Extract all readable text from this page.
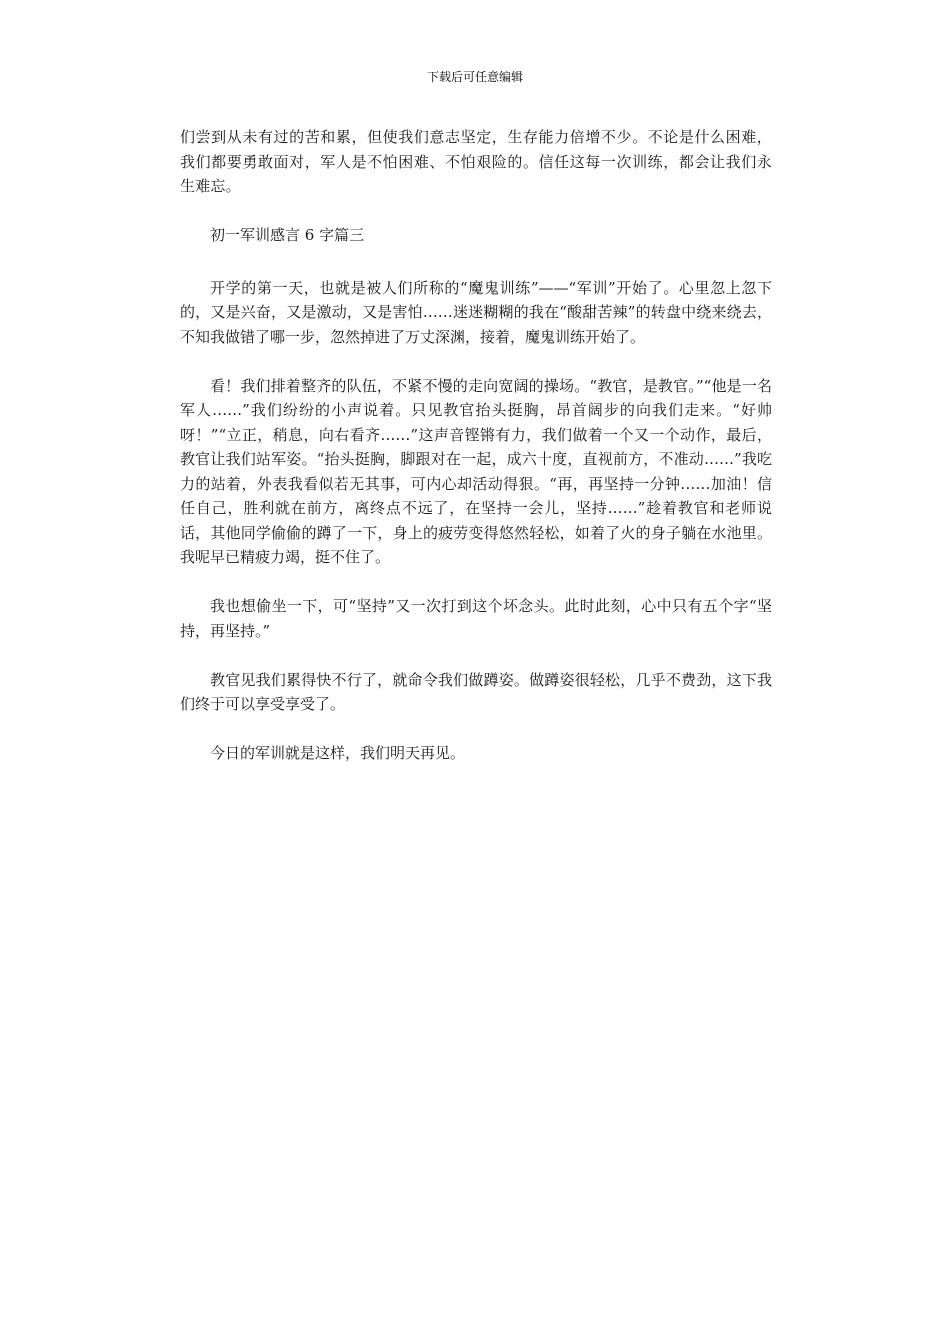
下载后可任意编辑

们尝到从未有过的苦和累，但使我们意志坚定，生存能力倍增不少。不论是什么困难，我们都要勇敢面对，军人是不怕困难、不怕艰险的。信任这每一次训练，都会让我们永生难忘。

初一军训感言 6 字篇三

开学的第一天，也就是被人们所称的“魔鬼训练”——“军训”开始了。心里忽上忽下的，又是兴奋，又是激动，又是害怕……迷迷糊糊的我在“酸甜苦辣”的转盘中绕来绕去，不知我做错了哪一步，忽然掉进了万丈深渊，接着，魔鬼训练开始了。

看！我们排着整齐的队伍，不紧不慢的走向宽阔的操场。“教官，是教官。”“他是一名军人……”我们纷纷的小声说着。只见教官抬头挺胸，昂首阔步的向我们走来。“好帅呀！”“立正，稍息，向右看齐……”这声音铿锵有力，我们做着一个又一个动作，最后，教官让我们站军姿。“抬头挺胸，脚跟对在一起，成六十度，直视前方，不准动……”我吃力的站着，外表我看似若无其事，可内心却活动得狠。“再，再坚持一分钟……加油！信任自己，胜利就在前方，离终点不远了，在坚持一会儿，坚持……”趁着教官和老师说话，其他同学偷偷的蹲了一下，身上的疲劳变得悠然轻松，如着了火的身子躺在水池里。我呢早已精疲力竭，挺不住了。

我也想偷坐一下，可“坚持”又一次打到这个坏念头。此时此刻，心中只有五个字“坚持，再坚持。”

教官见我们累得快不行了，就命令我们做蹲姿。做蹲姿很轻松，几乎不费劲，这下我们终于可以享受享受了。

今日的军训就是这样，我们明天再见。
